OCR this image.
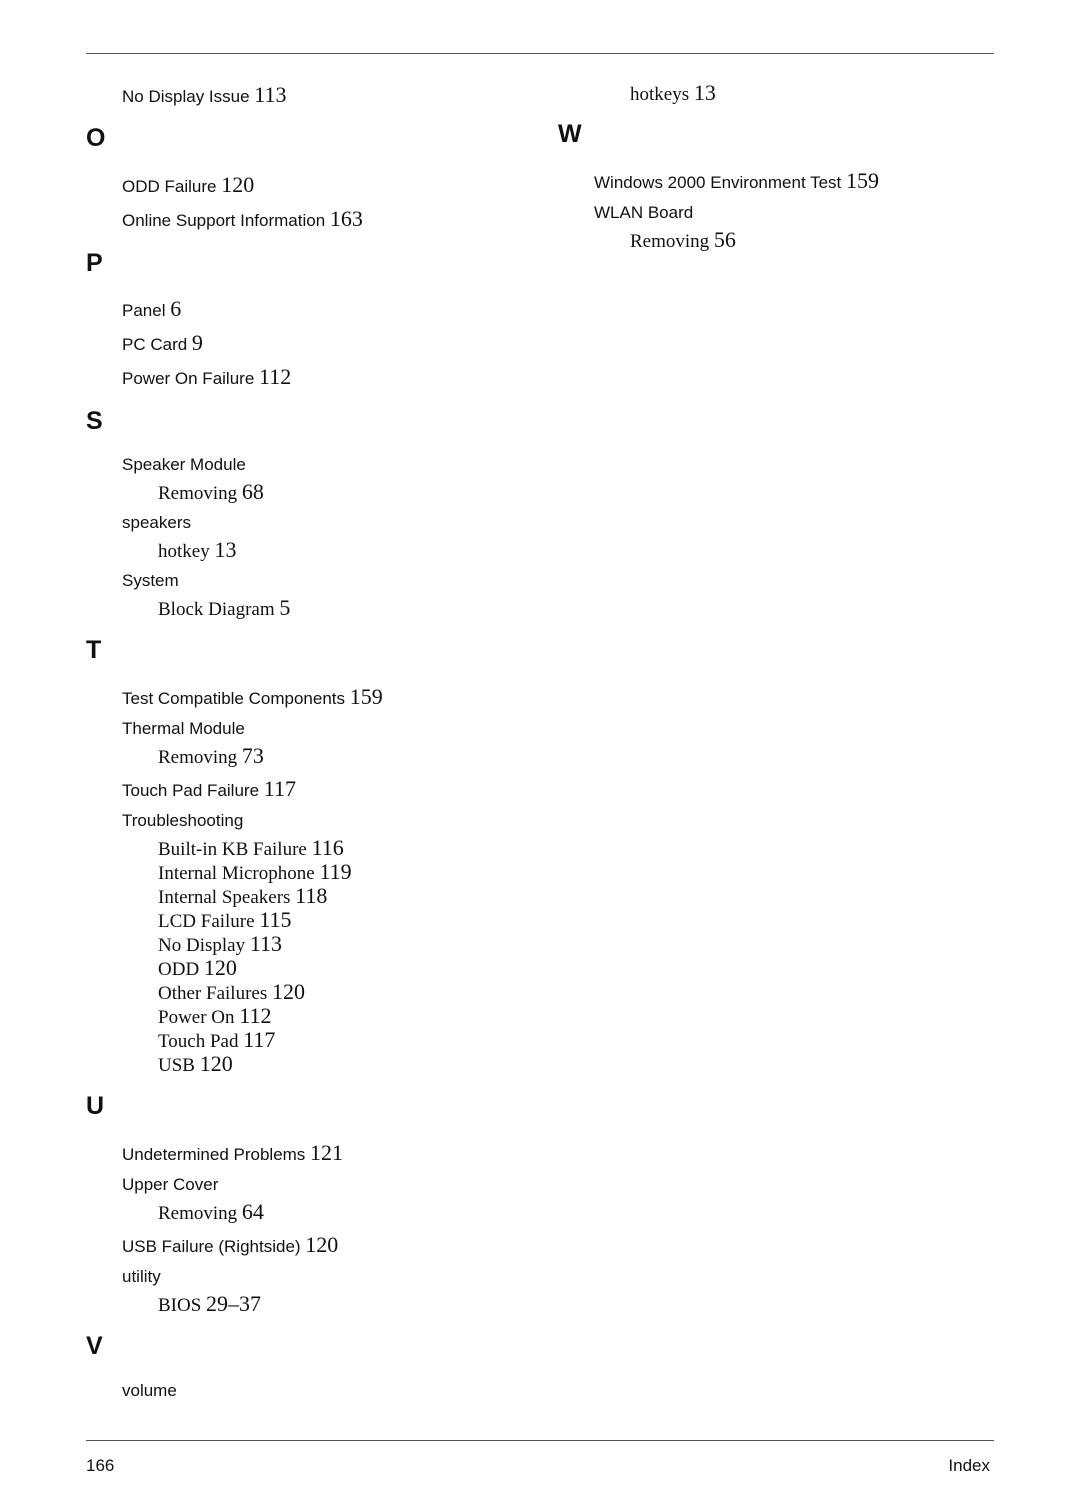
No Display Issue 113
O
ODD Failure 120
Online Support Information 163
P
Panel 6
PC Card 9
Power On Failure 112
S
Speaker Module
Removing 68
speakers
hotkey 13
System
Block Diagram 5
T
Test Compatible Components 159
Thermal Module
Removing 73
Touch Pad Failure 117
Troubleshooting
Built-in KB Failure 116
Internal Microphone 119
Internal Speakers 118
LCD Failure 115
No Display 113
ODD 120
Other Failures 120
Power On 112
Touch Pad 117
USB 120
U
Undetermined Problems 121
Upper Cover
Removing 64
USB Failure (Rightside) 120
utility
BIOS 29–37
V
volume
hotkeys 13
W
Windows 2000 Environment Test 159
WLAN Board
Removing 56
166	Index
